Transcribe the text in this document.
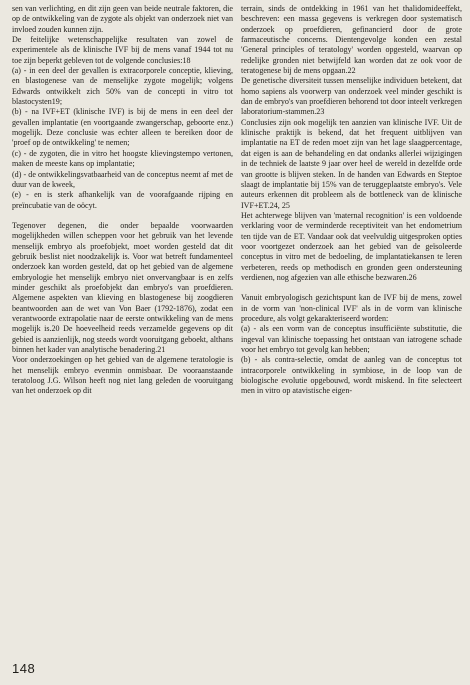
sen van verlichting, en dit zijn geen van beide neutrale faktoren, die op de ontwikkeling van de zygote als objekt van onderzoek niet van invloed zouden kunnen zijn.

De feitelijke wetenschappelijke resultaten van zowel de experimentele als de klinische IVF bij de mens vanaf 1944 tot nu toe zijn beperkt gebleven tot de volgende conclusies:18

(a) - in een deel der gevallen is extracorporele conceptie, klieving, en blastogenese van de menselijke zygote mogelijk; volgens Edwards ontwikkelt zich 50% van de concepti in vitro tot blastocysten19;

(b) - na IVF+ET (klinische IVF) is bij de mens in een deel der gevallen implantatie (en voortgaande zwangerschap, geboorte enz.) mogelijk. Deze conclusie was echter alleen te bereiken door de 'proef op de ontwikkeling' te nemen;

(c) - de zygoten, die in vitro het hoogste klievingstempo vertonen, maken de meeste kans op implantatie;

(d) - de ontwikkelingsvatbaarheid van de conceptus neemt af met de duur van de kweek,

(e) - en is sterk afhankelijk van de voorafgaande rijping en preïncubatie van de oöcyt.

Tegenover degenen, die onder bepaalde voorwaarden mogelijkheden willen scheppen voor het gebruik van het levende menselijk embryo als proefobjekt, moet worden gesteld dat dit gebruik beslist niet noodzakelijk is. Voor wat betreft fundamenteel onderzoek kan worden gesteld, dat op het gebied van de algemene embryologie het menselijk embryo niet onvervangbaar is en zelfs minder geschikt als proefobjekt dan embryo's van proefdieren. Algemene aspekten van klieving en blastogenese bij zoogdieren beantwoorden aan de wet van Von Baer (1792-1876), zodat een verantwoorde extrapolatie naar de eerste ontwikkeling van de mens mogelijk is.20 De hoeveelheid reeds verzamelde gegevens op dit gebied is aanzienlijk, nog steeds wordt vooruitgang geboekt, althans binnen het kader van analytische benadering.21

Voor onderzoekingen op het gebied van de algemene teratologie is het menselijk embryo evenmin onmisbaar. De vooraanstaande teratoloog J.G. Wilson heeft nog niet lang geleden de vooruitgang van het onderzoek op dit

terrain, sinds de ontdekking in 1961 van het thalidomideeffekt, beschreven: een massa gegevens is verkregen door systematisch onderzoek op proefdieren, gefinancierd door de grote farmaceutische concerns. Dientengevolge konden een zestal 'General principles of teratology' worden opgesteld, waarvan op redelijke gronden niet betwijfeld kan worden dat ze ook voor de teratogenese bij de mens opgaan.22

De genetische diversiteit tussen menselijke individuen betekent, dat homo sapiens als voorwerp van onderzoek veel minder geschikt is dan de embryo's van proefdieren behorend tot door inteelt verkregen laboratorium-stammen.23

Conclusies zijn ook mogelijk ten aanzien van klinische IVF. Uit de klinische praktijk is bekend, dat het frequent uitblijven van implantatie na ET de reden moet zijn van het lage slaagpercentage, dat eigen is aan de behandeling en dat ondanks allerlei wijzigingen in de techniek de laatste 9 jaar over heel de wereld in dezelfde orde van grootte is blijven steken. In de handen van Edwards en Steptoe slaagt de implantatie bij 15% van de teruggeplaatste embryo's. Vele auteurs erkennen dit probleem als de bottleneck van de klinische IVF+ET.24, 25

Het achterwege blijven van 'maternal recognition' is een voldoende verklaring voor de verminderde receptiviteit van het endometrium ten tijde van de ET. Vandaar ook dat veelvuldig uitgesproken opties voor voortgezet onderzoek aan het gebied van de geïsoleerde conceptus in vitro met de bedoeling, de implantatiekansen te leren verbeteren, reeds op methodisch en gronden geen ondersteuning verdienen, nog afgezien van alle ethische bezwaren.26

Vanuit embryologisch gezichtspunt kan de IVF bij de mens, zowel in de vorm van 'non-clinical IVF' als in de vorm van klinische procedure, als volgt gekarakteriseerd worden:

(a) - als een vorm van de conceptus insufficiënte substitutie, die ingeval van klinische toepassing het ontstaan van iatrogene schade voor het embryo tot gevolg kan hebben;

(b) - als contra-selectie, omdat de aanleg van de conceptus tot intracorporele ontwikkeling in symbiose, in de loop van de biologische evolutie opgebouwd, wordt miskend. In fite selecteert men in vitro op atavistische eigen-

148
